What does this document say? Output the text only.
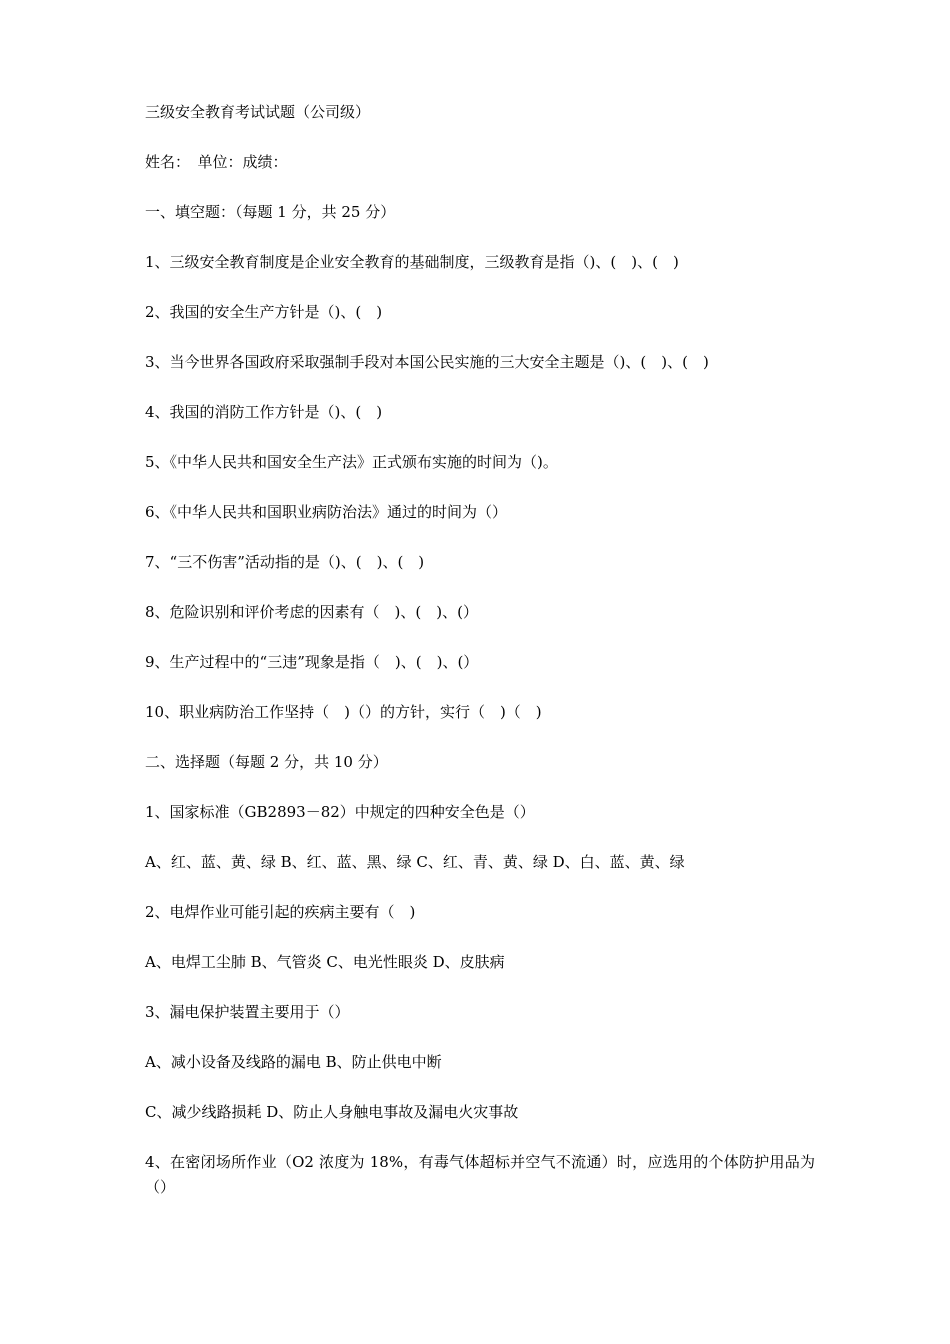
三级安全教育考试试题（公司级）
姓名：　单位：成绩：
一、填空题：（每题 1 分，共 25 分）
1、三级安全教育制度是企业安全教育的基础制度，三级教育是指（)、(　)、(　)
2、我国的安全生产方针是（)、(　)
3、当今世界各国政府采取强制手段对本国公民实施的三大安全主题是（)、(　)、(　)
4、我国的消防工作方针是（)、(　)
5、《中华人民共和国安全生产法》正式颁布实施的时间为（)。
6、《中华人民共和国职业病防治法》通过的时间为（）
7、“三不伤害”活动指的是（)、(　)、(　)
8、危险识别和评价考虑的因素有（　)、(　)、(）
9、生产过程中的“三违”现象是指（　)、(　)、(）
10、职业病防治工作坚持（　)（）的方针，实行（　)（　)
二、选择题（每题 2 分，共 10 分）
1、国家标准（GB2893－82）中规定的四种安全色是（）
A、红、蓝、黄、绿 B、红、蓝、黑、绿 C、红、青、黄、绿 D、白、蓝、黄、绿
2、电焊作业可能引起的疾病主要有（　)
A、电焊工尘肺 B、气管炎 C、电光性眼炎 D、皮肤病
3、漏电保护装置主要用于（）
A、减小设备及线路的漏电 B、防止供电中断
C、减少线路损耗 D、防止人身触电事故及漏电火灾事故
4、在密闭场所作业（O2 浓度为 18%，有毒气体超标并空气不流通）时，应选用的个体防护用品为（）
